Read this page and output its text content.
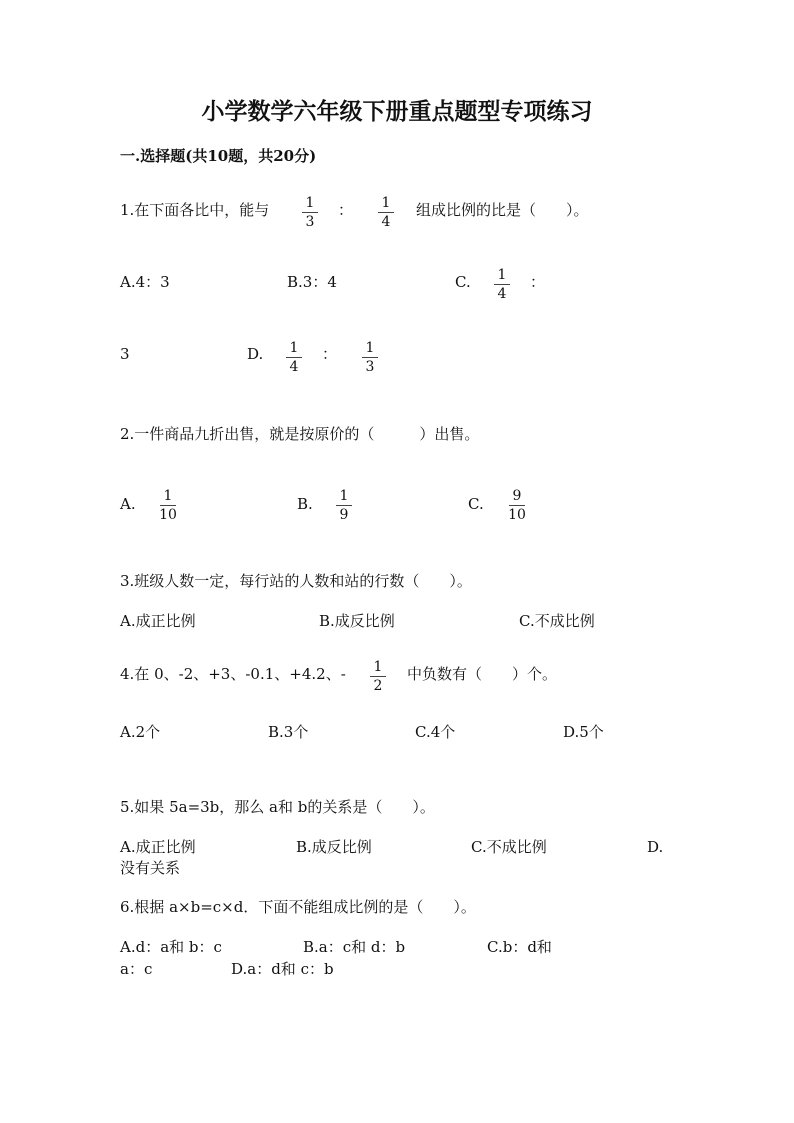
小学数学六年级下册重点题型专项练习
一.选择题(共10题，共20分)
1.在下面各比中，能与	1
3
：	1
4
组成比例的比是（　　）。
A.4：3	B.3：4	C.	1
4
：
3	D.	1
4
：	1
3
2.一件商品九折出售，就是按原价的（　　　）出售。
A.	1
10
B.	1
9
C.	9
10
3.班级人数一定，每行站的人数和站的行数（　　）。
A.成正比例	B.成反比例	C.不成比例
4.在 0、-2、+3、-0.1、+4.2、-	1
2
中负数有（　　）个。
A.2个	B.3个	C.4个	D.5个
5.如果 5a=3b，那么 a和 b的关系是（　　）。
A.成正比例	B.成反比例	C.不成比例	D.
没有关系
6.根据 a×b=c×d．下面不能组成比例的是（　　）。
A.d：a和 b：c	B.a：c和 d：b	C.b：d和
a：c	D.a：d和 c：b
